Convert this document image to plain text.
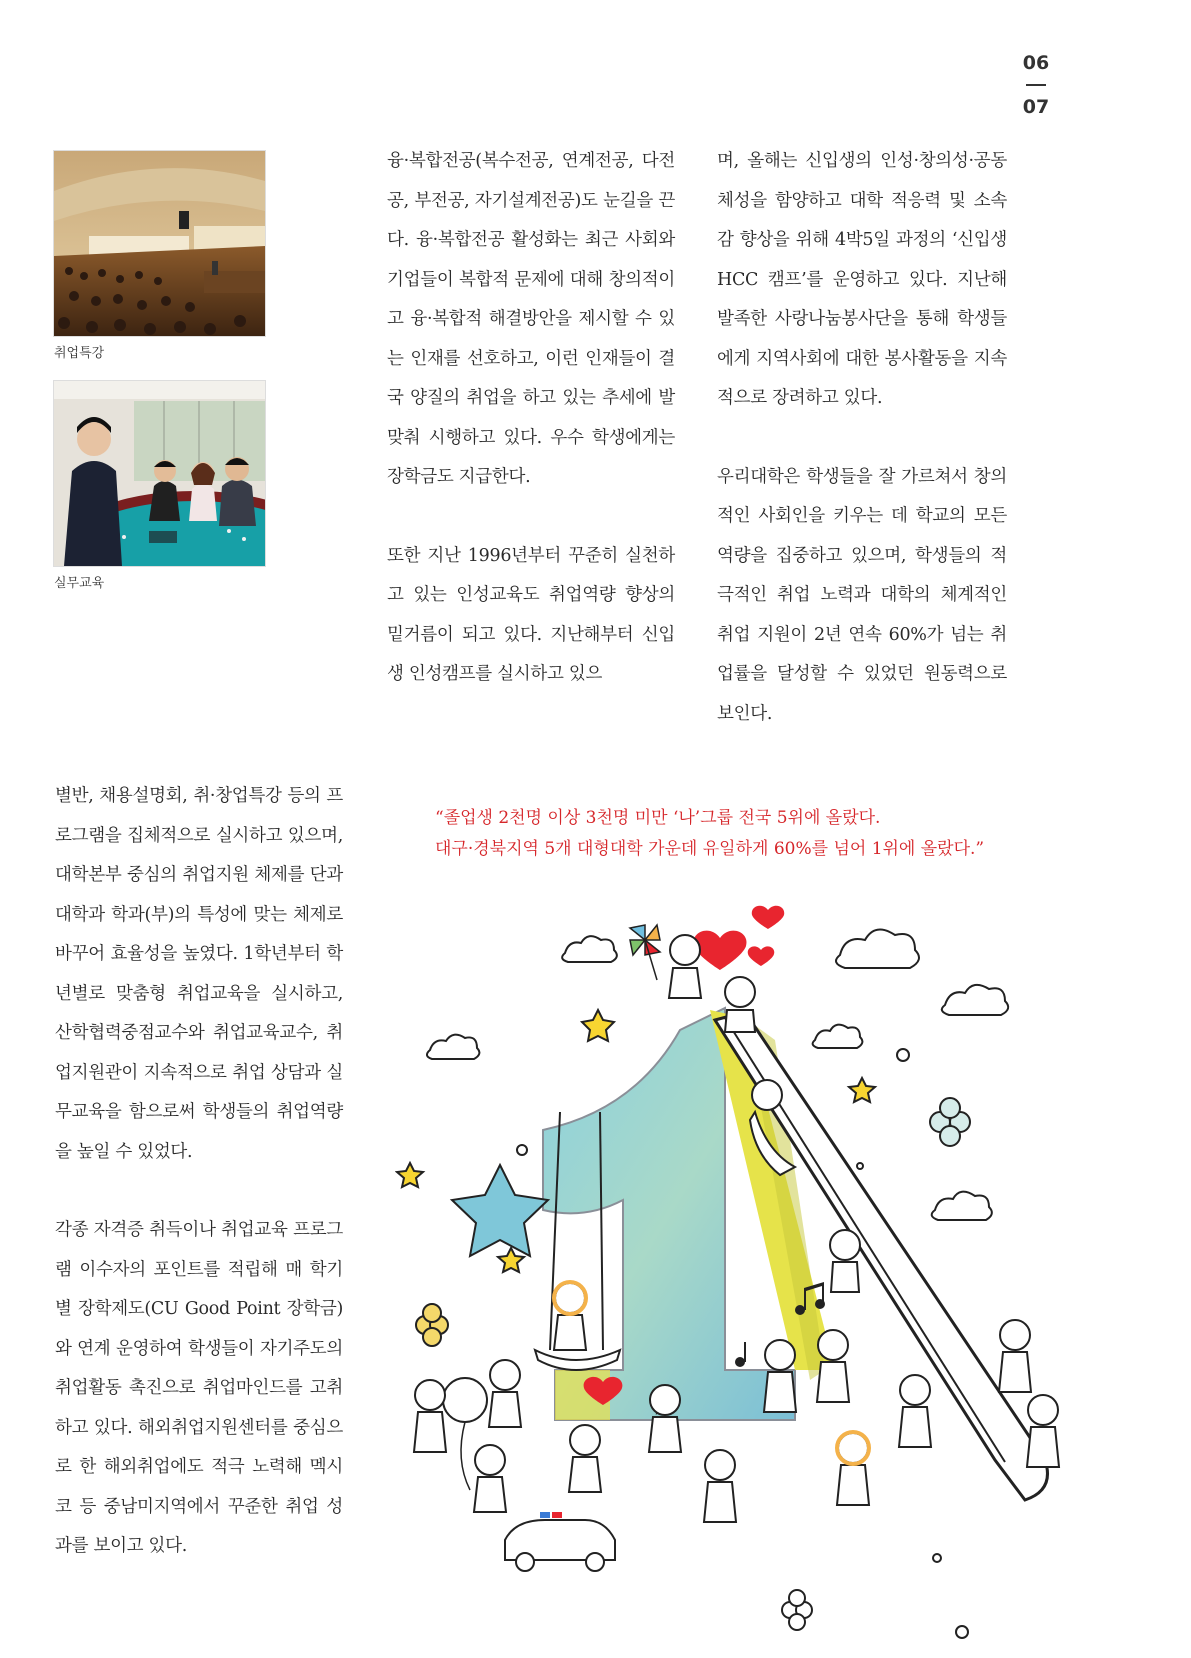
06
07
취업특강
실무교육

융·복합전공(복수전공, 연계전공, 다전공, 부전공, 자기설계전공)도 눈길을 끈다. 융·복합전공 활성화는 최근 사회와 기업들이 복합적 문제에 대해 창의적이고 융·복합적 해결방안을 제시할 수 있는 인재를 선호하고, 이런 인재들이 결국 양질의 취업을 하고 있는 추세에 발맞춰 시행하고 있다. 우수 학생에게는 장학금도 지급한다.

또한 지난 1996년부터 꾸준히 실천하고 있는 인성교육도 취업역량 향상의 밑거름이 되고 있다. 지난해부터 신입생 인성캠프를 실시하고 있으

며, 올해는 신입생의 인성·창의성·공동체성을 함양하고 대학 적응력 및 소속감 향상을 위해 4박5일 과정의 ‘신입생 HCC 캠프’를 운영하고 있다. 지난해 발족한 사랑나눔봉사단을 통해 학생들에게 지역사회에 대한 봉사활동을 지속적으로 장려하고 있다.

우리대학은 학생들을 잘 가르쳐서 창의적인 사회인을 키우는 데 학교의 모든 역량을 집중하고 있으며, 학생들의 적극적인 취업 노력과 대학의 체계적인 취업 지원이 2년 연속 60%가 넘는 취업률을 달성할 수 있었던 원동력으로 보인다.

별반, 채용설명회, 취·창업특강 등의 프로그램을 집체적으로 실시하고 있으며, 대학본부 중심의 취업지원 체제를 단과대학과 학과(부)의 특성에 맞는 체제로 바꾸어 효율성을 높였다. 1학년부터 학년별로 맞춤형 취업교육을 실시하고, 산학협력중점교수와 취업교육교수, 취업지원관이 지속적으로 취업 상담과 실무교육을 함으로써 학생들의 취업역량을 높일 수 있었다.

각종 자격증 취득이나 취업교육 프로그램 이수자의 포인트를 적립해 매 학기별 장학제도(CU Good Point 장학금)와 연계 운영하여 학생들이 자기주도의 취업활동 촉진으로 취업마인드를 고취하고 있다. 해외취업지원센터를 중심으로 한 해외취업에도 적극 노력해 멕시코 등 중남미지역에서 꾸준한 취업 성과를 보이고 있다.

“졸업생 2천명 이상 3천명 미만 ‘나’그룹 전국 5위에 올랐다.

대구·경북지역 5개 대형대학 가운데 유일하게 60%를 넘어 1위에 올랐다.”
